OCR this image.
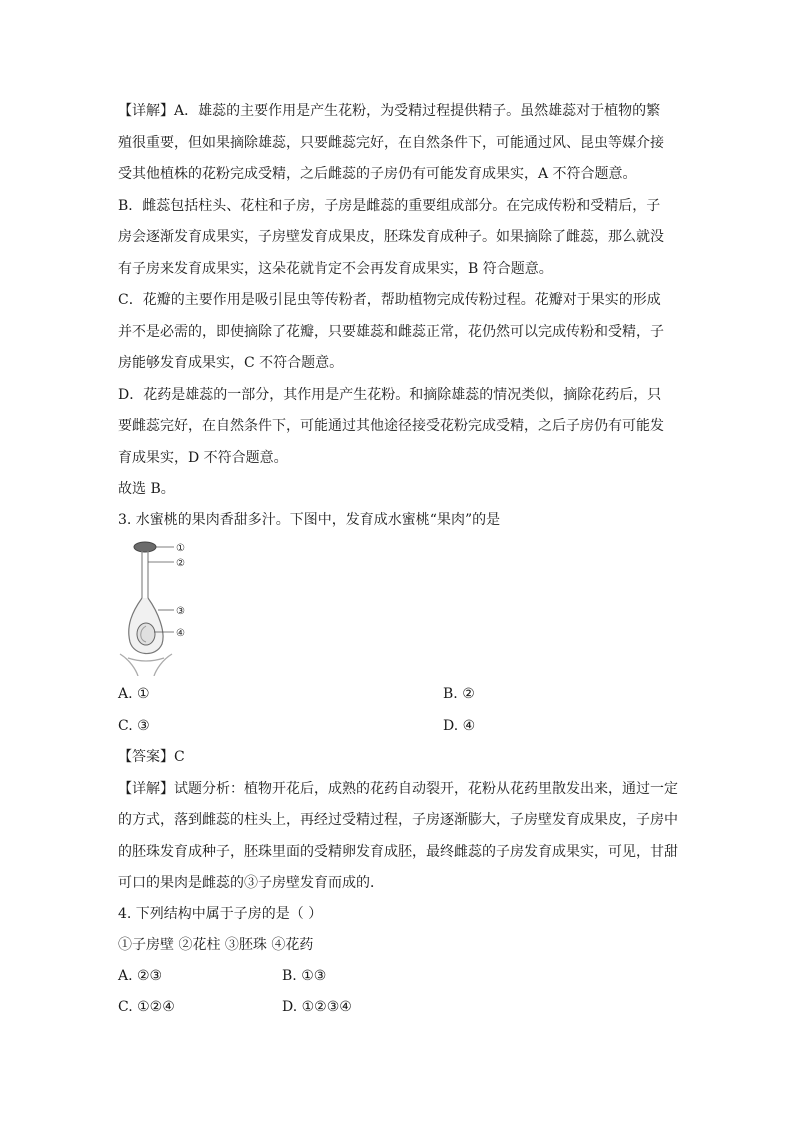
【详解】A．雄蕊的主要作用是产生花粉，为受精过程提供精子。虽然雄蕊对于植物的繁
殖很重要，但如果摘除雄蕊，只要雌蕊完好，在自然条件下，可能通过风、昆虫等媒介接
受其他植株的花粉完成受精，之后雌蕊的子房仍有可能发育成果实，A 不符合题意。
B．雌蕊包括柱头、花柱和子房，子房是雌蕊的重要组成部分。在完成传粉和受精后，子
房会逐渐发育成果实，子房壁发育成果皮，胚珠发育成种子。如果摘除了雌蕊，那么就没
有子房来发育成果实，这朵花就肯定不会再发育成果实，B 符合题意。
C．花瓣的主要作用是吸引昆虫等传粉者，帮助植物完成传粉过程。花瓣对于果实的形成
并不是必需的，即使摘除了花瓣，只要雄蕊和雌蕊正常，花仍然可以完成传粉和受精，子
房能够发育成果实，C 不符合题意。
D．花药是雄蕊的一部分，其作用是产生花粉。和摘除雄蕊的情况类似，摘除花药后，只
要雌蕊完好，在自然条件下，可能通过其他途径接受花粉完成受精，之后子房仍有可能发
育成果实，D 不符合题意。
故选 B。
3. 水蜜桃的果肉香甜多汁。下图中，发育成水蜜桃“果肉”的是
①
②
③
④
A. ①	B. ②
C. ③	D. ④
【答案】C
【详解】试题分析：植物开花后，成熟的花药自动裂开，花粉从花药里散发出来，通过一定
的方式，落到雌蕊的柱头上，再经过受精过程，子房逐渐膨大，子房壁发育成果皮，子房中
的胚珠发育成种子，胚珠里面的受精卵发育成胚，最终雌蕊的子房发育成果实，可见，甘甜
可口的果肉是雌蕊的③子房壁发育而成的．
4. 下列结构中属于子房的是（ ）
①子房壁 ②花柱 ③胚珠 ④花药
A. ②③	B. ①③
C. ①②④	D. ①②③④
